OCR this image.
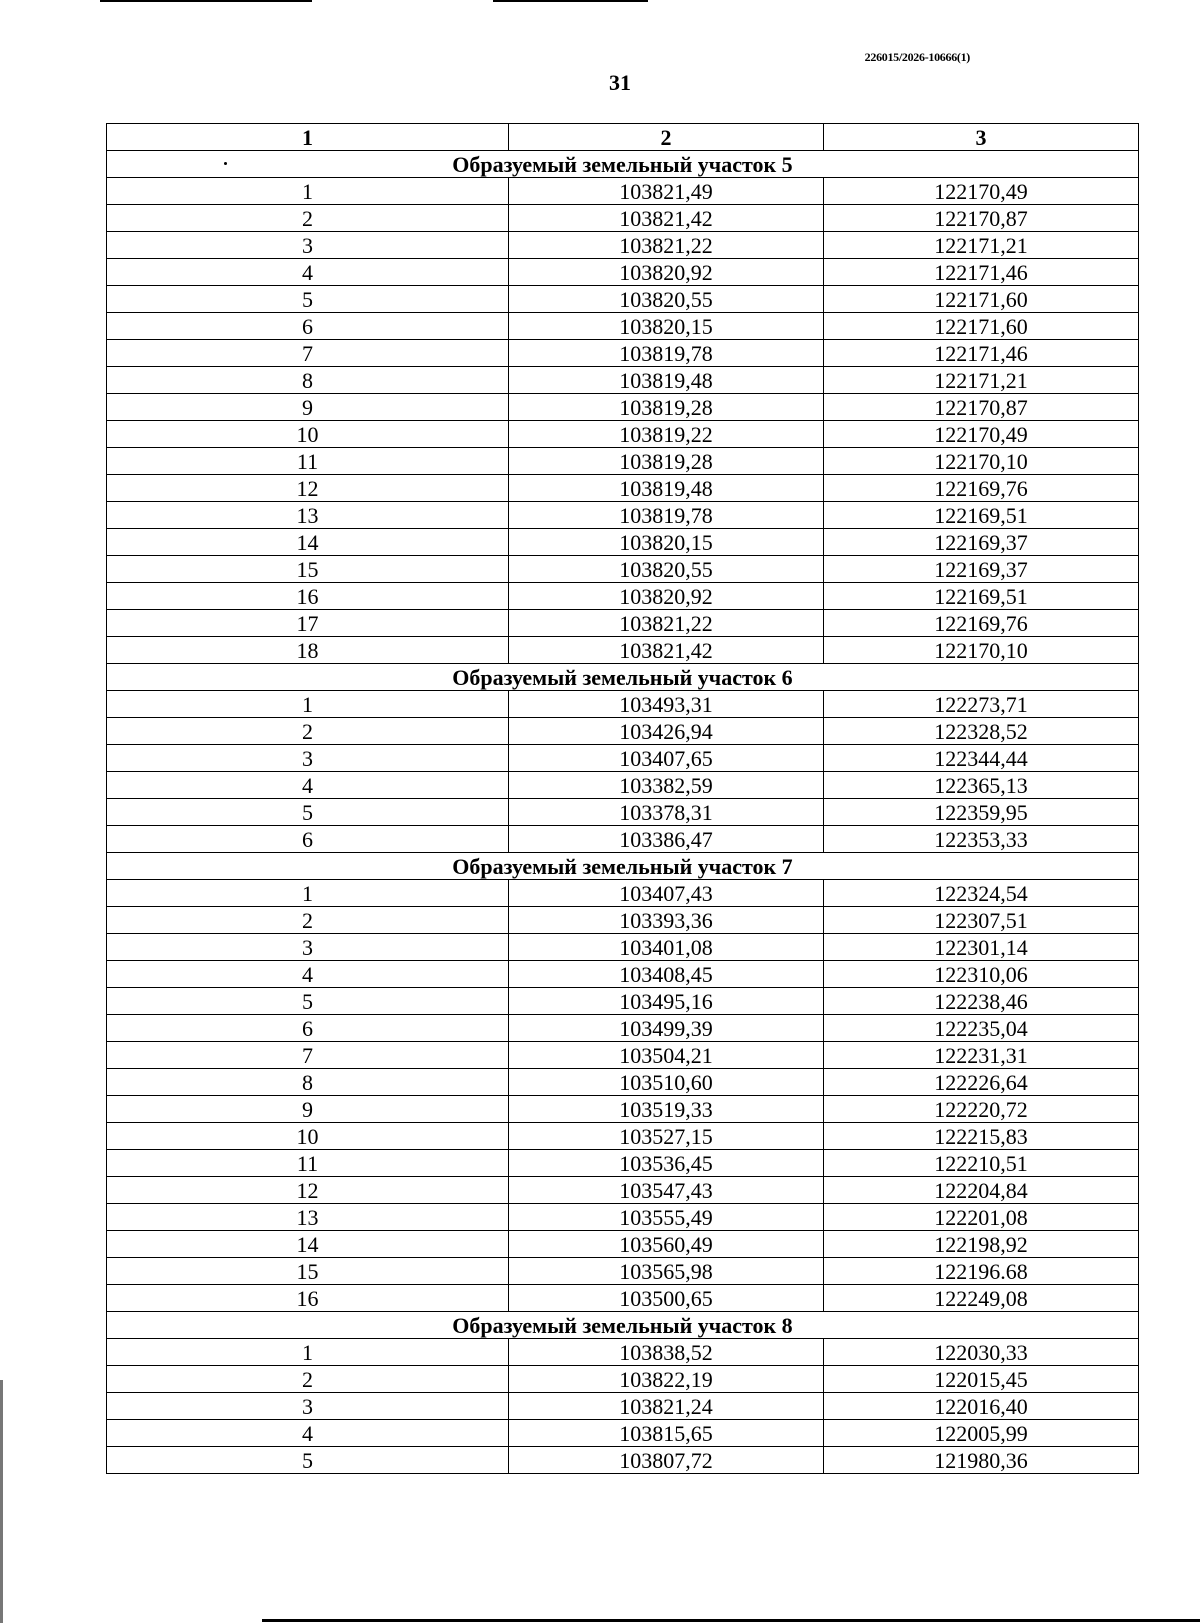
226015/2026-10666(1)
31
1	2	3
Образуемый земельный участок 5		
1	103821,49	122170,49
2	103821,42	122170,87
3	103821,22	122171,21
4	103820,92	122171,46
5	103820,55	122171,60
6	103820,15	122171,60
7	103819,78	122171,46
8	103819,48	122171,21
9	103819,28	122170,87
10	103819,22	122170,49
11	103819,28	122170,10
12	103819,48	122169,76
13	103819,78	122169,51
14	103820,15	122169,37
15	103820,55	122169,37
16	103820,92	122169,51
17	103821,22	122169,76
18	103821,42	122170,10
Образуемый земельный участок 6		
1	103493,31	122273,71
2	103426,94	122328,52
3	103407,65	122344,44
4	103382,59	122365,13
5	103378,31	122359,95
6	103386,47	122353,33
Образуемый земельный участок 7		
1	103407,43	122324,54
2	103393,36	122307,51
3	103401,08	122301,14
4	103408,45	122310,06
5	103495,16	122238,46
6	103499,39	122235,04
7	103504,21	122231,31
8	103510,60	122226,64
9	103519,33	122220,72
10	103527,15	122215,83
11	103536,45	122210,51
12	103547,43	122204,84
13	103555,49	122201,08
14	103560,49	122198,92
15	103565,98	122196.68
16	103500,65	122249,08
Образуемый земельный участок 8		
1	103838,52	122030,33
2	103822,19	122015,45
3	103821,24	122016,40
4	103815,65	122005,99
5	103807,72	121980,36
